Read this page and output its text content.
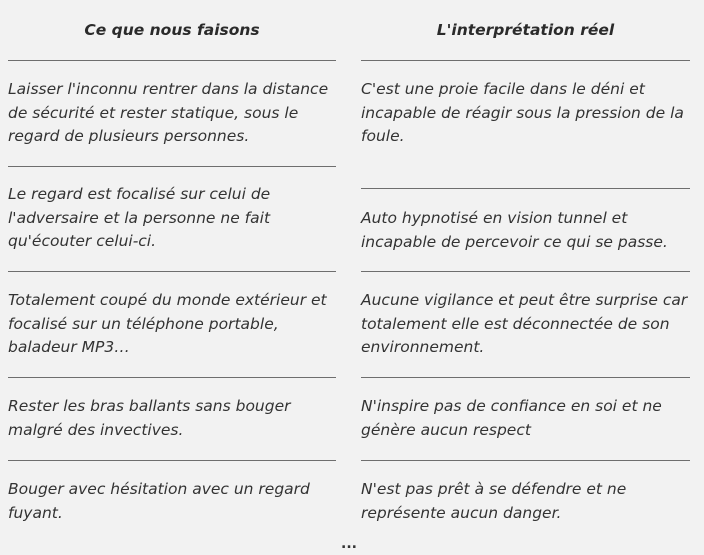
Ce que nous faisons
Laisser l'inconnu rentrer dans la distance de sécurité et rester statique, sous le regard de plusieurs personnes.
Le regard est focalisé sur celui de l'adversaire et la personne ne fait qu'écouter celui-ci.
Totalement coupé du monde extérieur et focalisé sur un téléphone portable, baladeur MP3…
Rester les bras ballants sans bouger malgré des invectives.
Bouger avec hésitation avec un regard fuyant.
L'interprétation réel
C'est une proie facile dans le déni et incapable de réagir sous la pression de la foule.
Auto hypnotisé en vision tunnel et incapable de percevoir ce qui se passe.
Aucune vigilance et peut être surprise car totalement elle est déconnectée de son environnement.
N'inspire pas de confiance en soi et ne génère aucun respect
N'est pas prêt à se défendre et ne représente aucun danger.
...
